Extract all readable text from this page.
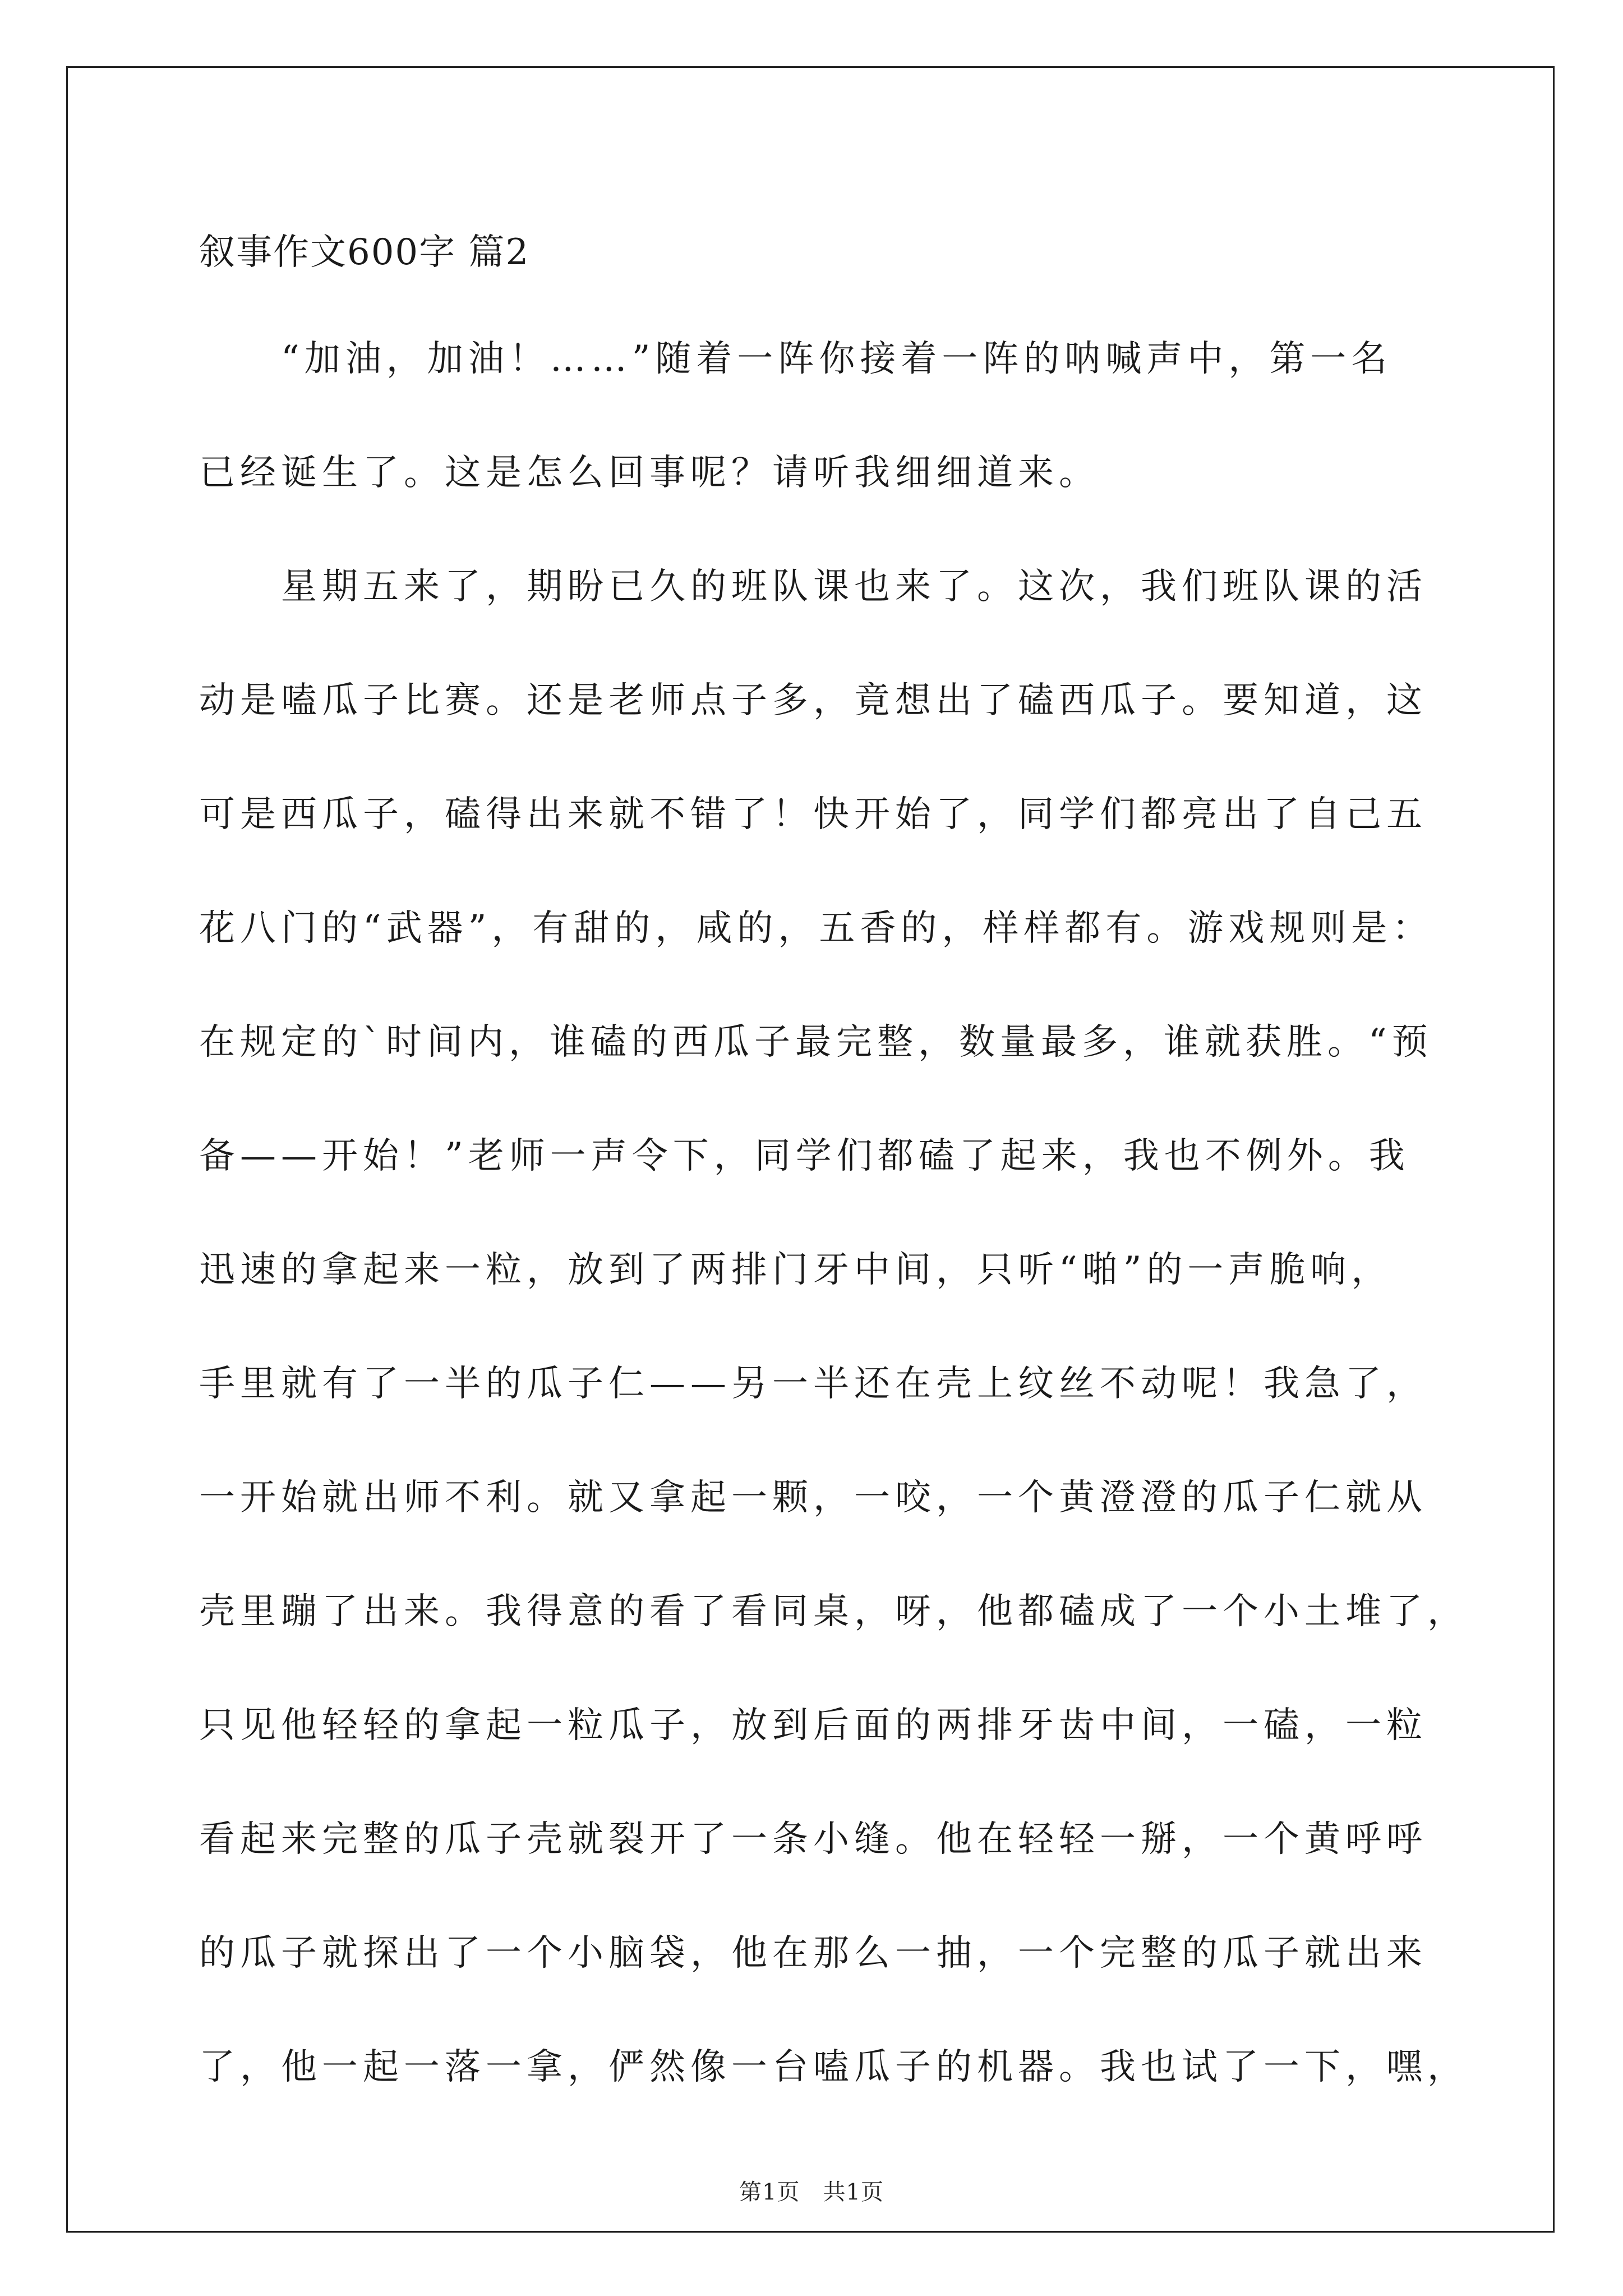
叙事作文600字 篇2
“加油，加油！……”随着一阵你接着一阵的呐喊声中，第一名
已经诞生了。这是怎么回事呢？请听我细细道来。
星期五来了，期盼已久的班队课也来了。这次，我们班队课的活
动是嗑瓜子比赛。还是老师点子多，竟想出了磕西瓜子。要知道，这
可是西瓜子，磕得出来就不错了！快开始了，同学们都亮出了自己五
花八门的“武器”，有甜的，咸的，五香的，样样都有。游戏规则是：
在规定的`时间内，谁磕的西瓜子最完整，数量最多，谁就获胜。“预
备——开始！”老师一声令下，同学们都磕了起来，我也不例外。我
迅速的拿起来一粒，放到了两排门牙中间，只听“啪”的一声脆响，
手里就有了一半的瓜子仁——另一半还在壳上纹丝不动呢！我急了，
一开始就出师不利。就又拿起一颗，一咬，一个黄澄澄的瓜子仁就从
壳里蹦了出来。我得意的看了看同桌，呀，他都磕成了一个小土堆了，
只见他轻轻的拿起一粒瓜子，放到后面的两排牙齿中间，一磕，一粒
看起来完整的瓜子壳就裂开了一条小缝。他在轻轻一掰，一个黄呼呼
的瓜子就探出了一个小脑袋，他在那么一抽，一个完整的瓜子就出来
了，他一起一落一拿，俨然像一台嗑瓜子的机器。我也试了一下，嘿，
第1页　共1页
